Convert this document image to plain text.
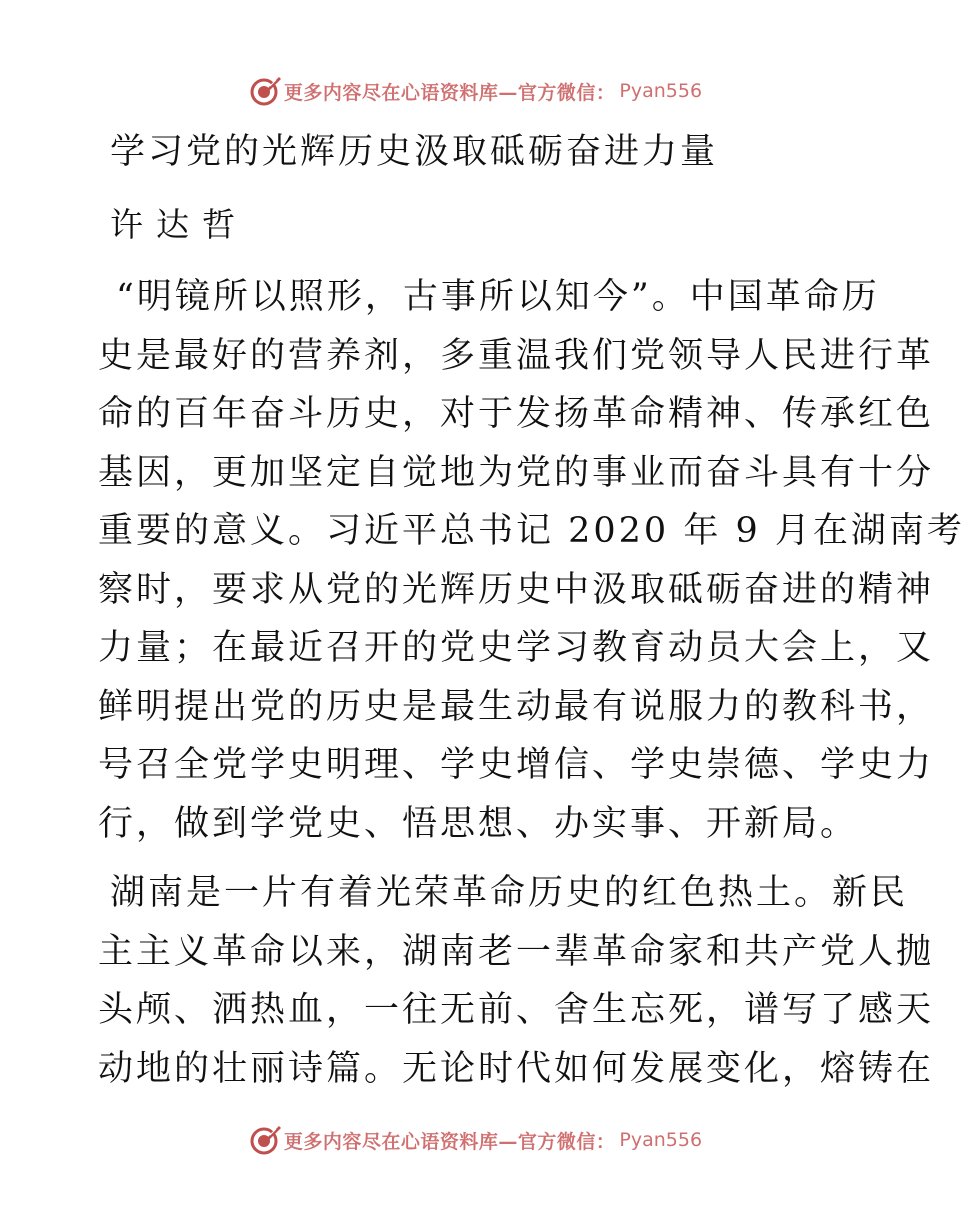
更多内容尽在心语资料库—官方微信： Pyan556
学习党的光辉历史汲取砥砺奋进力量
许达哲
“明镜所以照形，古事所以知今”。中国革命历
史是最好的营养剂，多重温我们党领导人民进行革
命的百年奋斗历史，对于发扬革命精神、传承红色
基因，更加坚定自觉地为党的事业而奋斗具有十分
重要的意义。习近平总书记 2020 年 9 月在湖南考
察时，要求从党的光辉历史中汲取砥砺奋进的精神
力量；在最近召开的党史学习教育动员大会上，又
鲜明提出党的历史是最生动最有说服力的教科书，
号召全党学史明理、学史增信、学史崇德、学史力
行，做到学党史、悟思想、办实事、开新局。
湖南是一片有着光荣革命历史的红色热土。新民
主主义革命以来，湖南老一辈革命家和共产党人抛
头颅、洒热血，一往无前、舍生忘死，谱写了感天
动地的壮丽诗篇。无论时代如何发展变化，熔铸在
更多内容尽在心语资料库—官方微信： Pyan556
